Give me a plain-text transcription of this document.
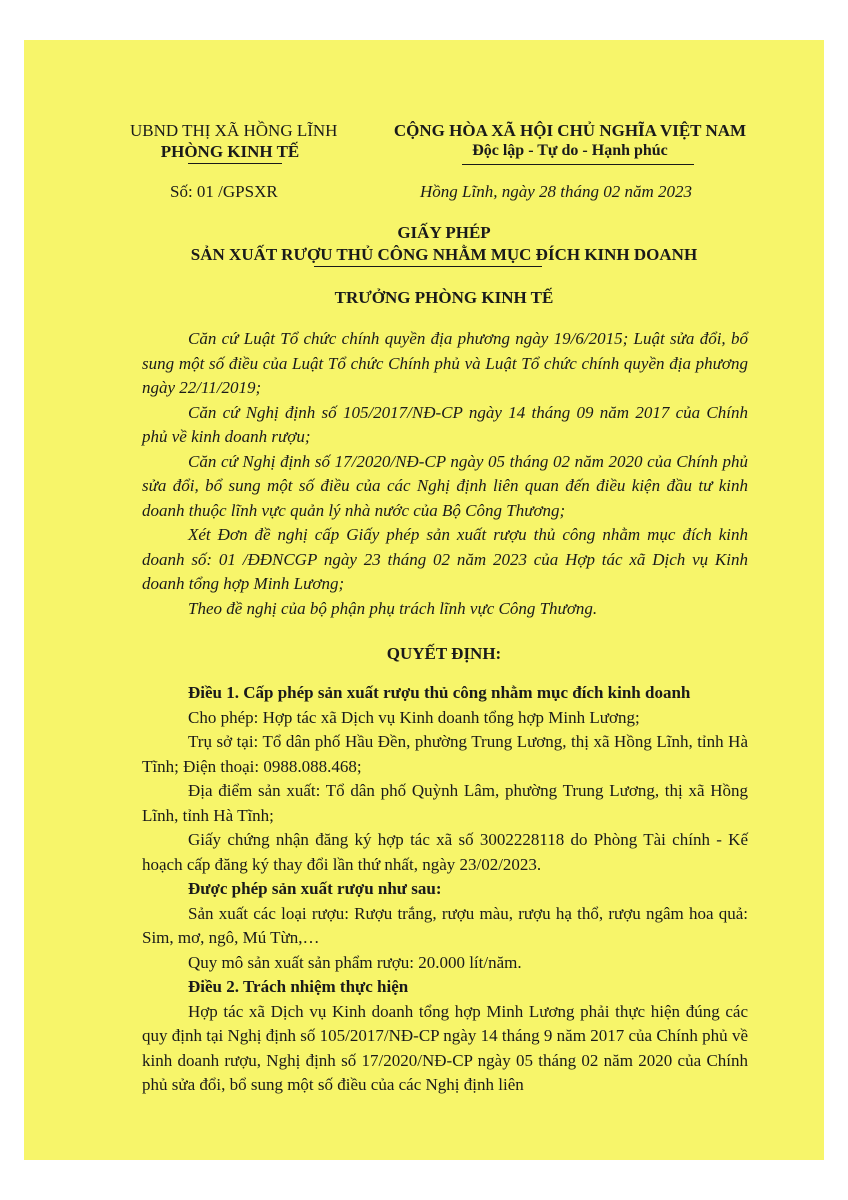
UBND THỊ XÃ HỒNG LĨNH
PHÒNG KINH TẾ
CỘNG HÒA XÃ HỘI CHỦ NGHĨA VIỆT NAM
Độc lập - Tự do - Hạnh phúc
Số: 01 /GPSXR	Hồng Lĩnh, ngày 28 tháng 02 năm 2023
GIẤY PHÉP
SẢN XUẤT RƯỢU THỦ CÔNG NHẰM MỤC ĐÍCH KINH DOANH
TRƯỞNG PHÒNG KINH TẾ

Căn cứ Luật Tổ chức chính quyền địa phương ngày 19/6/2015; Luật sửa đổi, bổ sung một số điều của Luật Tổ chức Chính phủ và Luật Tổ chức chính quyền địa phương ngày 22/11/2019;

Căn cứ Nghị định số 105/2017/NĐ-CP ngày 14 tháng 09 năm 2017 của Chính phủ về kinh doanh rượu;

Căn cứ Nghị định số 17/2020/NĐ-CP ngày 05 tháng 02 năm 2020 của Chính phủ sửa đổi, bổ sung một số điều của các Nghị định liên quan đến điều kiện đầu tư kinh doanh thuộc lĩnh vực quản lý nhà nước của Bộ Công Thương;

Xét Đơn đề nghị cấp Giấy phép sản xuất rượu thủ công nhằm mục đích kinh doanh số: 01 /ĐĐNCGP ngày 23 tháng 02 năm 2023 của Hợp tác xã Dịch vụ Kinh doanh tổng hợp Minh Lương;

Theo đề nghị của bộ phận phụ trách lĩnh vực Công Thương.

QUYẾT ĐỊNH:

Điều 1. Cấp phép sản xuất rượu thủ công nhằm mục đích kinh doanh

Cho phép: Hợp tác xã Dịch vụ Kinh doanh tổng hợp Minh Lương;

Trụ sở tại: Tổ dân phố Hầu Đền, phường Trung Lương, thị xã Hồng Lĩnh, tỉnh Hà Tĩnh; Điện thoại: 0988.088.468;

Địa điểm sản xuất: Tổ dân phố Quỳnh Lâm, phường Trung Lương, thị xã Hồng Lĩnh, tỉnh Hà Tĩnh;

Giấy chứng nhận đăng ký hợp tác xã số 3002228118 do Phòng Tài chính - Kế hoạch cấp đăng ký thay đổi lần thứ nhất, ngày 23/02/2023.

Được phép sản xuất rượu như sau:

Sản xuất các loại rượu: Rượu trắng, rượu màu, rượu hạ thổ, rượu ngâm hoa quả: Sim, mơ, ngô, Mú Từn,…

Quy mô sản xuất sản phẩm rượu: 20.000 lít/năm.

Điều 2. Trách nhiệm thực hiện

Hợp tác xã Dịch vụ Kinh doanh tổng hợp Minh Lương phải thực hiện đúng các quy định tại Nghị định số 105/2017/NĐ-CP ngày 14 tháng 9 năm 2017 của Chính phủ về kinh doanh rượu, Nghị định số 17/2020/NĐ-CP ngày 05 tháng 02 năm 2020 của Chính phủ sửa đổi, bổ sung một số điều của các Nghị định liên
